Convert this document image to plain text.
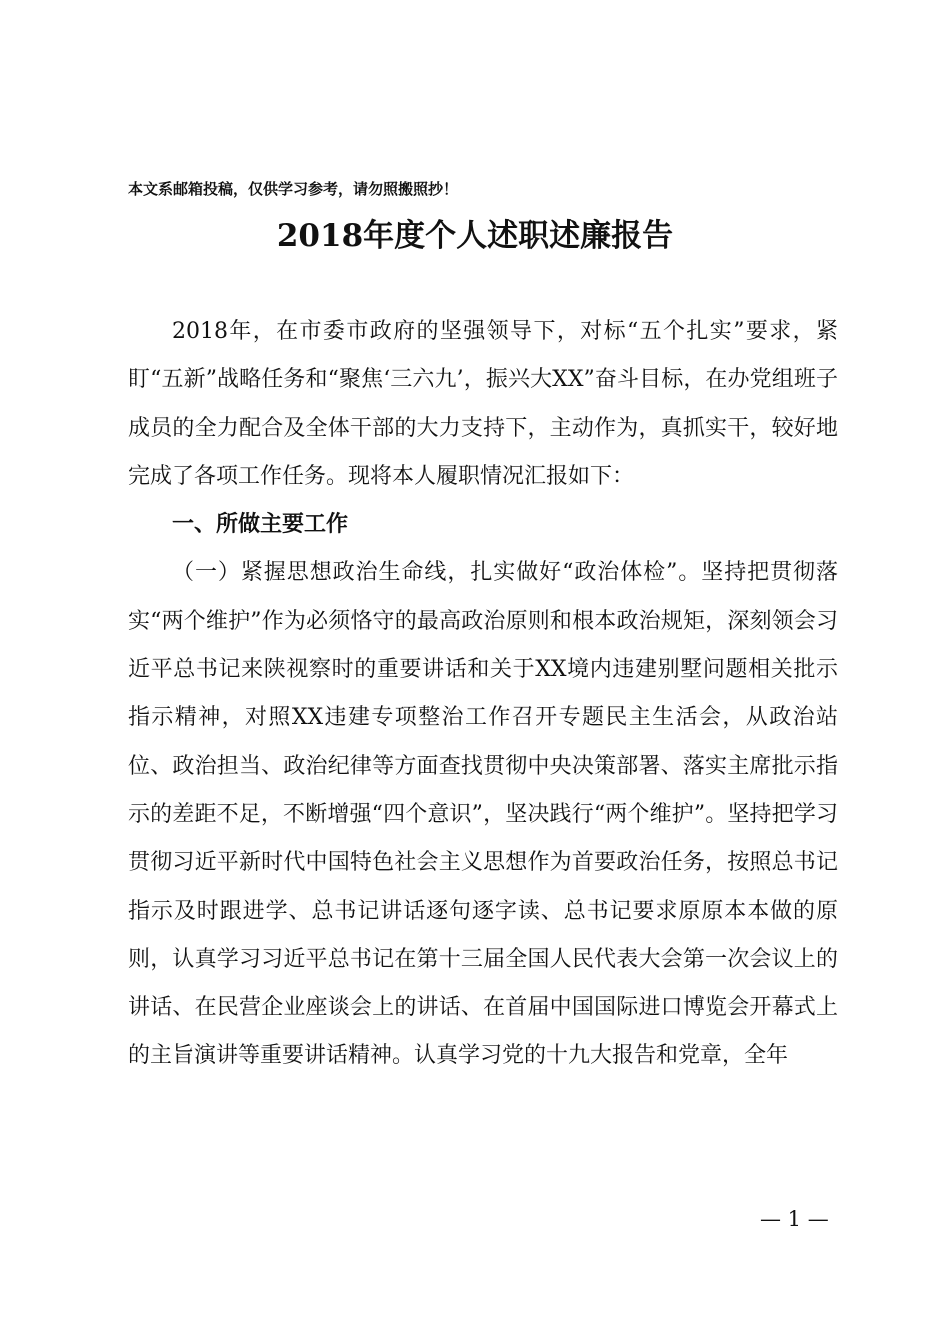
本文系邮箱投稿，仅供学习参考，请勿照搬照抄！
2018年度个人述职述廉报告

2018年，在市委市政府的坚强领导下，对标“五个扎实”要求，紧盯“五新”战略任务和“聚焦‘三六九’，振兴大XX”奋斗目标，在办党组班子成员的全力配合及全体干部的大力支持下，主动作为，真抓实干，较好地完成了各项工作任务。现将本人履职情况汇报如下：

一、所做主要工作

（一）紧握思想政治生命线，扎实做好“政治体检”。坚持把贯彻落实“两个维护”作为必须恪守的最高政治原则和根本政治规矩，深刻领会习近平总书记来陕视察时的重要讲话和关于XX境内违建别墅问题相关批示指示精神，对照XX违建专项整治工作召开专题民主生活会，从政治站位、政治担当、政治纪律等方面查找贯彻中央决策部署、落实主席批示指示的差距不足，不断增强“四个意识”，坚决践行“两个维护”。坚持把学习贯彻习近平新时代中国特色社会主义思想作为首要政治任务，按照总书记指示及时跟进学、总书记讲话逐句逐字读、总书记要求原原本本做的原则，认真学习习近平总书记在第十三届全国人民代表大会第一次会议上的讲话、在民营企业座谈会上的讲话、在首届中国国际进口博览会开幕式上的主旨演讲等重要讲话精神。认真学习党的十九大报告和党章，全年

— 1 —
